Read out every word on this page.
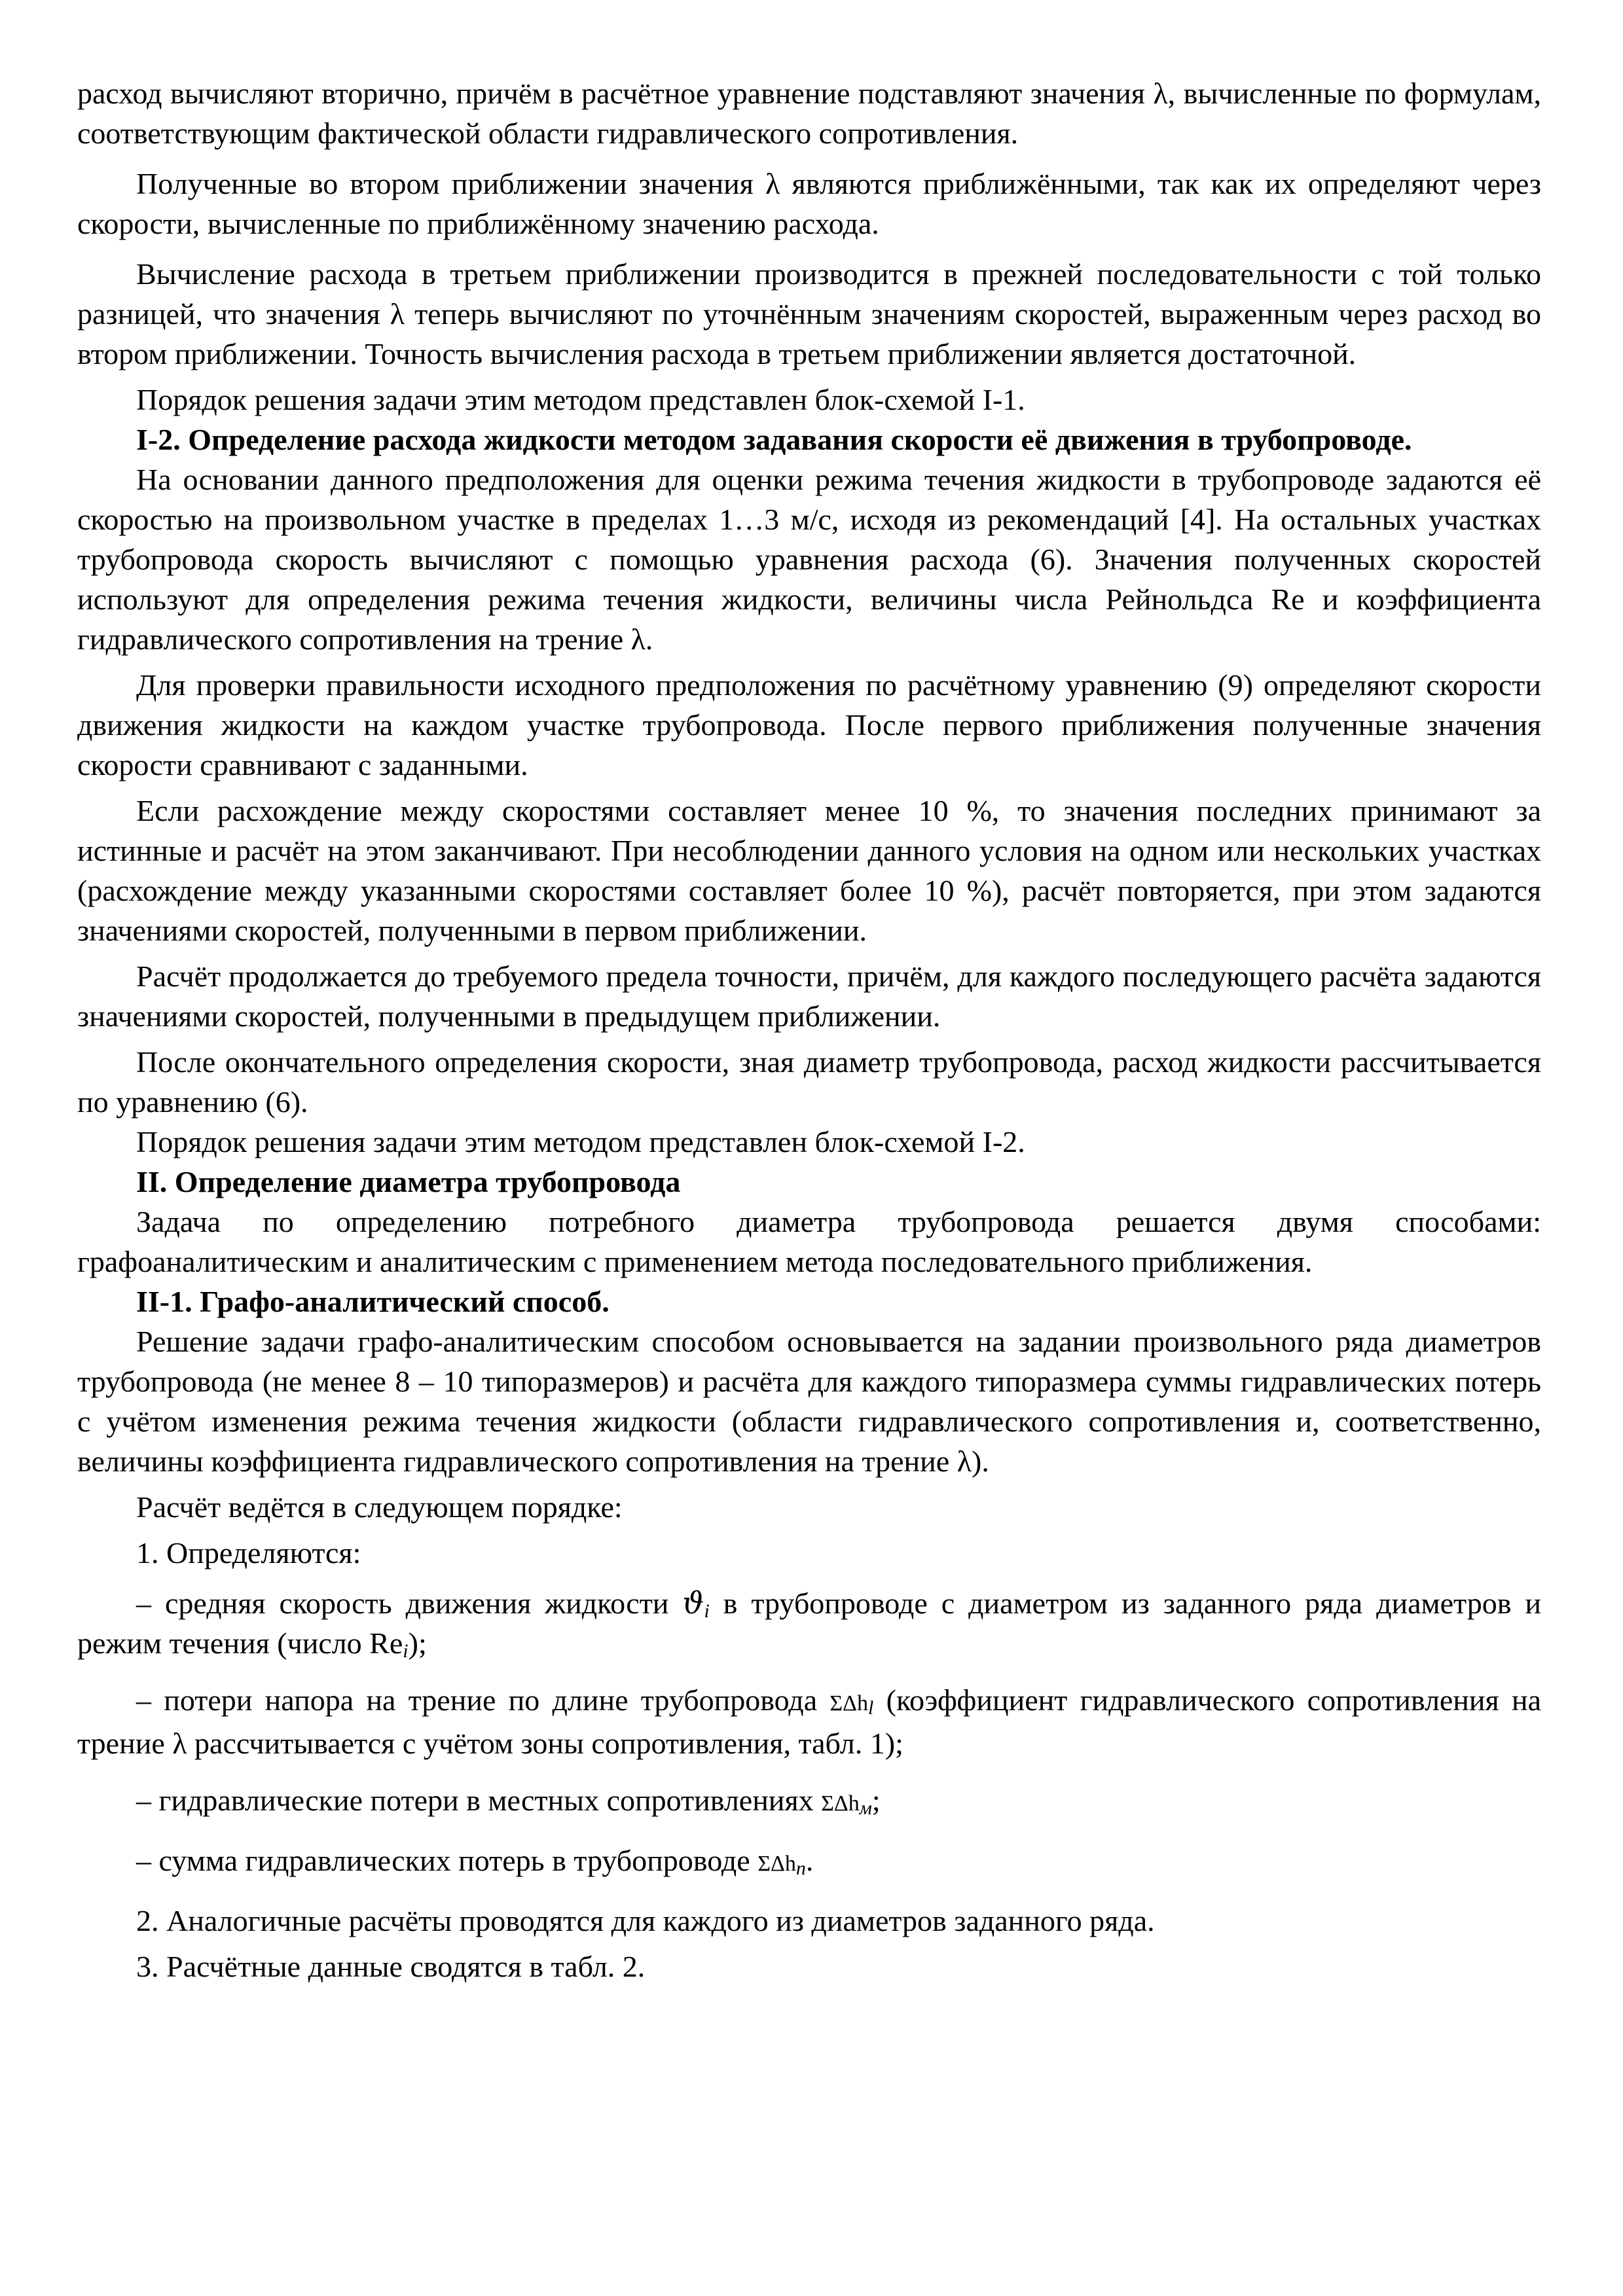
расход вычисляют вторично, причём в расчётное уравнение подставляют значения λ, вычисленные по формулам, соответствующим фактической области гидравлического сопротивления.

Полученные во втором приближении значения λ являются приближёнными, так как их определяют через скорости, вычисленные по приближённому значению расхода.

Вычисление расхода в третьем приближении производится в прежней последовательности с той только разницей, что значения λ теперь вычисляют по уточнённым значениям скоростей, выраженным через расход во втором приближении. Точность вычисления расхода в третьем приближении является достаточной.

Порядок решения задачи этим методом представлен блок-схемой I-1.

I-2. Определение расхода жидкости методом задавания скорости её движения в трубопроводе.

На основании данного предположения для оценки режима течения жидкости в трубопроводе задаются её скоростью на произвольном участке в пределах 1…3 м/с, исходя из рекомендаций [4]. На остальных участках трубопровода скорость вычисляют с помощью уравнения расхода (6). Значения полученных скоростей используют для определения режима течения жидкости, величины числа Рейнольдса Re и коэффициента гидравлического сопротивления на трение λ.

Для проверки правильности исходного предположения по расчётному уравнению (9) определяют скорости движения жидкости на каждом участке трубопровода. После первого приближения полученные значения скорости сравнивают с заданными.

Если расхождение между скоростями составляет менее 10 %, то значения последних принимают за истинные и расчёт на этом заканчивают. При несоблюдении данного условия на одном или нескольких участках (расхождение между указанными скоростями составляет более 10 %), расчёт повторяется, при этом задаются значениями скоростей, полученными в первом приближении.

Расчёт продолжается до требуемого предела точности, причём, для каждого последующего расчёта задаются значениями скоростей, полученными в предыдущем приближении.

После окончательного определения скорости, зная диаметр трубопровода, расход жидкости рассчитывается по уравнению (6).

Порядок решения задачи этим методом представлен блок-схемой I-2.

II. Определение диаметра трубопровода

Задача по определению потребного диаметра трубопровода решается двумя способами: графоаналитическим и аналитическим с применением метода последовательного приближения.

II-1. Графо-аналитический способ.

Решение задачи графо-аналитическим способом основывается на задании произвольного ряда диаметров трубопровода (не менее 8 – 10 типоразмеров) и расчёта для каждого типоразмера суммы гидравлических потерь с учётом изменения режима течения жидкости (области гидравлического сопротивления и, соответственно, величины коэффициента гидравлического сопротивления на трение λ).

Расчёт ведётся в следующем порядке:

1. Определяются:

– средняя скорость движения жидкости $ϑ_i$ в трубопроводе с диаметром из заданного ряда диаметров и режим течения (число $Re_i$);

– потери напора на трение по длине трубопровода ΣΔh$_l$ (коэффициент гидравлического сопротивления на трение λ рассчитывается с учётом зоны сопротивления, табл. 1);

– гидравлические потери в местных сопротивлениях ΣΔh$_м$;

– сумма гидравлических потерь в трубопроводе ΣΔh$_п$.

2. Аналогичные расчёты проводятся для каждого из диаметров заданного ряда.

3. Расчётные данные сводятся в табл. 2.
